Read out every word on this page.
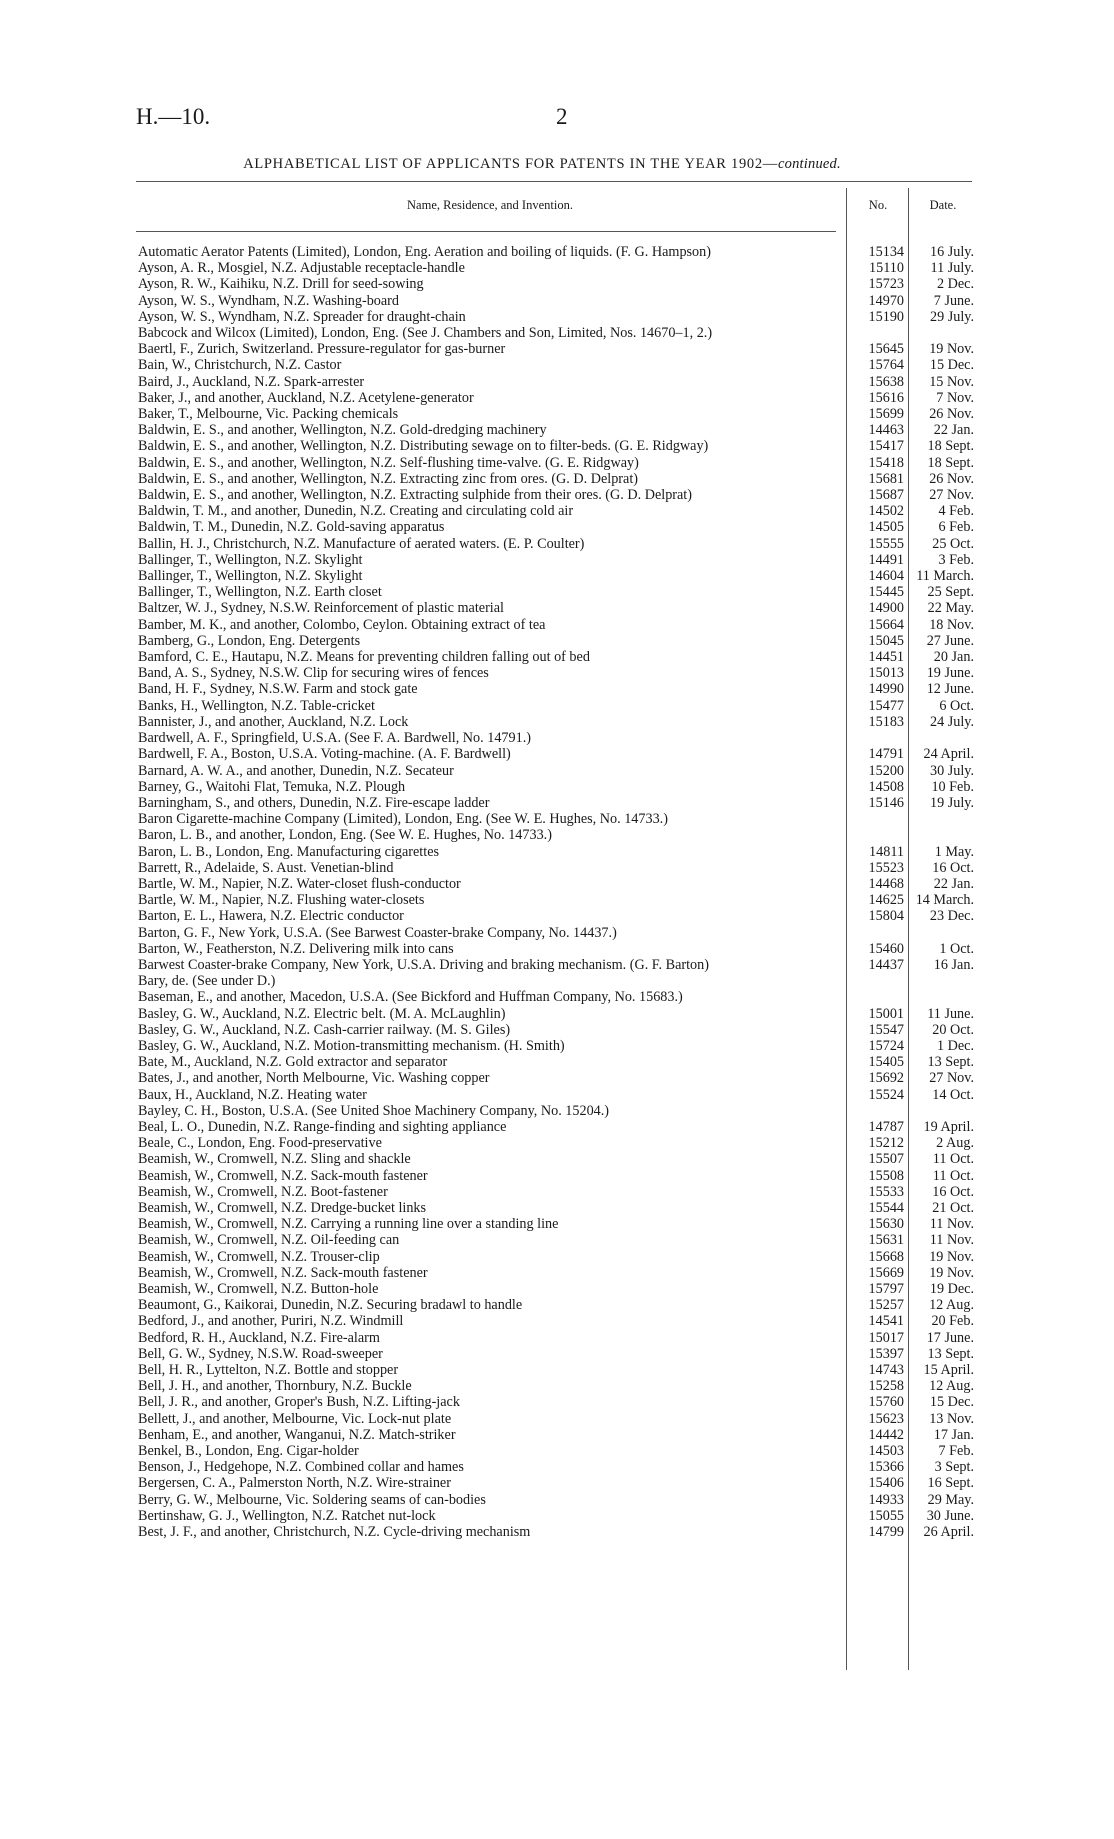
H.—10.	2
ALPHABETICAL LIST OF APPLICANTS FOR PATENTS IN THE YEAR 1902—continued.
Name, Residence, and Invention.	No.	Date.
Automatic Aerator Patents (Limited), London, Eng. Aeration and boiling of liquids. (F. G. Hampson)	15134	16 July.
Ayson, A. R., Mosgiel, N.Z. Adjustable receptacle-handle	15110	11 July.
Ayson, R. W., Kaihiku, N.Z. Drill for seed-sowing	15723	2 Dec.
Ayson, W. S., Wyndham, N.Z. Washing-board	14970	7 June.
Ayson, W. S., Wyndham, N.Z. Spreader for draught-chain	15190	29 July.
Babcock and Wilcox (Limited), London, Eng. (See J. Chambers and Son, Limited, Nos. 14670–1, 2.)
Baertl, F., Zurich, Switzerland. Pressure-regulator for gas-burner	15645	19 Nov.
Bain, W., Christchurch, N.Z. Castor	15764	15 Dec.
Baird, J., Auckland, N.Z. Spark-arrester	15638	15 Nov.
Baker, J., and another, Auckland, N.Z. Acetylene-generator	15616	7 Nov.
Baker, T., Melbourne, Vic. Packing chemicals	15699	26 Nov.
Baldwin, E. S., and another, Wellington, N.Z. Gold-dredging machinery	14463	22 Jan.
Baldwin, E. S., and another, Wellington, N.Z. Distributing sewage on to filter-beds. (G. E. Ridgway)	15417	18 Sept.
Baldwin, E. S., and another, Wellington, N.Z. Self-flushing time-valve. (G. E. Ridgway)	15418	18 Sept.
Baldwin, E. S., and another, Wellington, N.Z. Extracting zinc from ores. (G. D. Delprat)	15681	26 Nov.
Baldwin, E. S., and another, Wellington, N.Z. Extracting sulphide from their ores. (G. D. Delprat)	15687	27 Nov.
Baldwin, T. M., and another, Dunedin, N.Z. Creating and circulating cold air	14502	4 Feb.
Baldwin, T. M., Dunedin, N.Z. Gold-saving apparatus	14505	6 Feb.
Ballin, H. J., Christchurch, N.Z. Manufacture of aerated waters. (E. P. Coulter)	15555	25 Oct.
Ballinger, T., Wellington, N.Z. Skylight	14491	3 Feb.
Ballinger, T., Wellington, N.Z. Skylight	14604 11 March.
Ballinger, T., Wellington, N.Z. Earth closet	15445	25 Sept.
Baltzer, W. J., Sydney, N.S.W. Reinforcement of plastic material	14900	22 May.
Bamber, M. K., and another, Colombo, Ceylon. Obtaining extract of tea	15664	18 Nov.
Bamberg, G., London, Eng. Detergents	15045	27 June.
Bamford, C. E., Hautapu, N.Z. Means for preventing children falling out of bed	14451	20 Jan.
Band, A. S., Sydney, N.S.W. Clip for securing wires of fences	15013	19 June.
Band, H. F., Sydney, N.S.W. Farm and stock gate	14990	12 June.
Banks, H., Wellington, N.Z. Table-cricket	15477	6 Oct.
Bannister, J., and another, Auckland, N.Z. Lock	15183	24 July.
Bardwell, A. F., Springfield, U.S.A. (See F. A. Bardwell, No. 14791.)
Bardwell, F. A., Boston, U.S.A. Voting-machine. (A. F. Bardwell)	14791	24 April.
Barnard, A. W. A., and another, Dunedin, N.Z. Secateur	15200	30 July.
Barney, G., Waitohi Flat, Temuka, N.Z. Plough	14508	10 Feb.
Barningham, S., and others, Dunedin, N.Z. Fire-escape ladder	15146	19 July.
Baron Cigarette-machine Company (Limited), London, Eng. (See W. E. Hughes, No. 14733.)
Baron, L. B., and another, London, Eng. (See W. E. Hughes, No. 14733.)
Baron, L. B., London, Eng. Manufacturing cigarettes	14811	1 May.
Barrett, R., Adelaide, S. Aust. Venetian-blind	15523	16 Oct.
Bartle, W. M., Napier, N.Z. Water-closet flush-conductor	14468	22 Jan.
Bartle, W. M., Napier, N.Z. Flushing water-closets	14625 14 March.
Barton, E. L., Hawera, N.Z. Electric conductor	15804	23 Dec.
Barton, G. F., New York, U.S.A. (See Barwest Coaster-brake Company, No. 14437.)
Barton, W., Featherston, N.Z. Delivering milk into cans	15460	1 Oct.
Barwest Coaster-brake Company, New York, U.S.A. Driving and braking mechanism. (G. F. Barton)	14437	16 Jan.
Bary, de. (See under D.)
Baseman, E., and another, Macedon, U.S.A. (See Bickford and Huffman Company, No. 15683.)
Basley, G. W., Auckland, N.Z. Electric belt. (M. A. McLaughlin)	15001	11 June.
Basley, G. W., Auckland, N.Z. Cash-carrier railway. (M. S. Giles)	15547	20 Oct.
Basley, G. W., Auckland, N.Z. Motion-transmitting mechanism. (H. Smith)	15724	1 Dec.
Bate, M., Auckland, N.Z. Gold extractor and separator	15405	13 Sept.
Bates, J., and another, North Melbourne, Vic. Washing copper	15692	27 Nov.
Baux, H., Auckland, N.Z. Heating water	15524	14 Oct.
Bayley, C. H., Boston, U.S.A. (See United Shoe Machinery Company, No. 15204.)
Beal, L. O., Dunedin, N.Z. Range-finding and sighting appliance	14787	19 April.
Beale, C., London, Eng. Food-preservative	15212	2 Aug.
Beamish, W., Cromwell, N.Z. Sling and shackle	15507	11 Oct.
Beamish, W., Cromwell, N.Z. Sack-mouth fastener	15508	11 Oct.
Beamish, W., Cromwell, N.Z. Boot-fastener	15533	16 Oct.
Beamish, W., Cromwell, N.Z. Dredge-bucket links	15544	21 Oct.
Beamish, W., Cromwell, N.Z. Carrying a running line over a standing line	15630	11 Nov.
Beamish, W., Cromwell, N.Z. Oil-feeding can	15631	11 Nov.
Beamish, W., Cromwell, N.Z. Trouser-clip	15668	19 Nov.
Beamish, W., Cromwell, N.Z. Sack-mouth fastener	15669	19 Nov.
Beamish, W., Cromwell, N.Z. Button-hole	15797	19 Dec.
Beaumont, G., Kaikorai, Dunedin, N.Z. Securing bradawl to handle	15257	12 Aug.
Bedford, J., and another, Puriri, N.Z. Windmill	14541	20 Feb.
Bedford, R. H., Auckland, N.Z. Fire-alarm	15017	17 June.
Bell, G. W., Sydney, N.S.W. Road-sweeper	15397	13 Sept.
Bell, H. R., Lyttelton, N.Z. Bottle and stopper	14743	15 April.
Bell, J. H., and another, Thornbury, N.Z. Buckle	15258	12 Aug.
Bell, J. R., and another, Groper's Bush, N.Z. Lifting-jack	15760	15 Dec.
Bellett, J., and another, Melbourne, Vic. Lock-nut plate	15623	13 Nov.
Benham, E., and another, Wanganui, N.Z. Match-striker	14442	17 Jan.
Benkel, B., London, Eng. Cigar-holder	14503	7 Feb.
Benson, J., Hedgehope, N.Z. Combined collar and hames	15366	3 Sept.
Bergersen, C. A., Palmerston North, N.Z. Wire-strainer	15406	16 Sept.
Berry, G. W., Melbourne, Vic. Soldering seams of can-bodies	14933	29 May.
Bertinshaw, G. J., Wellington, N.Z. Ratchet nut-lock	15055	30 June.
Best, J. F., and another, Christchurch, N.Z. Cycle-driving mechanism	14799	26 April.
